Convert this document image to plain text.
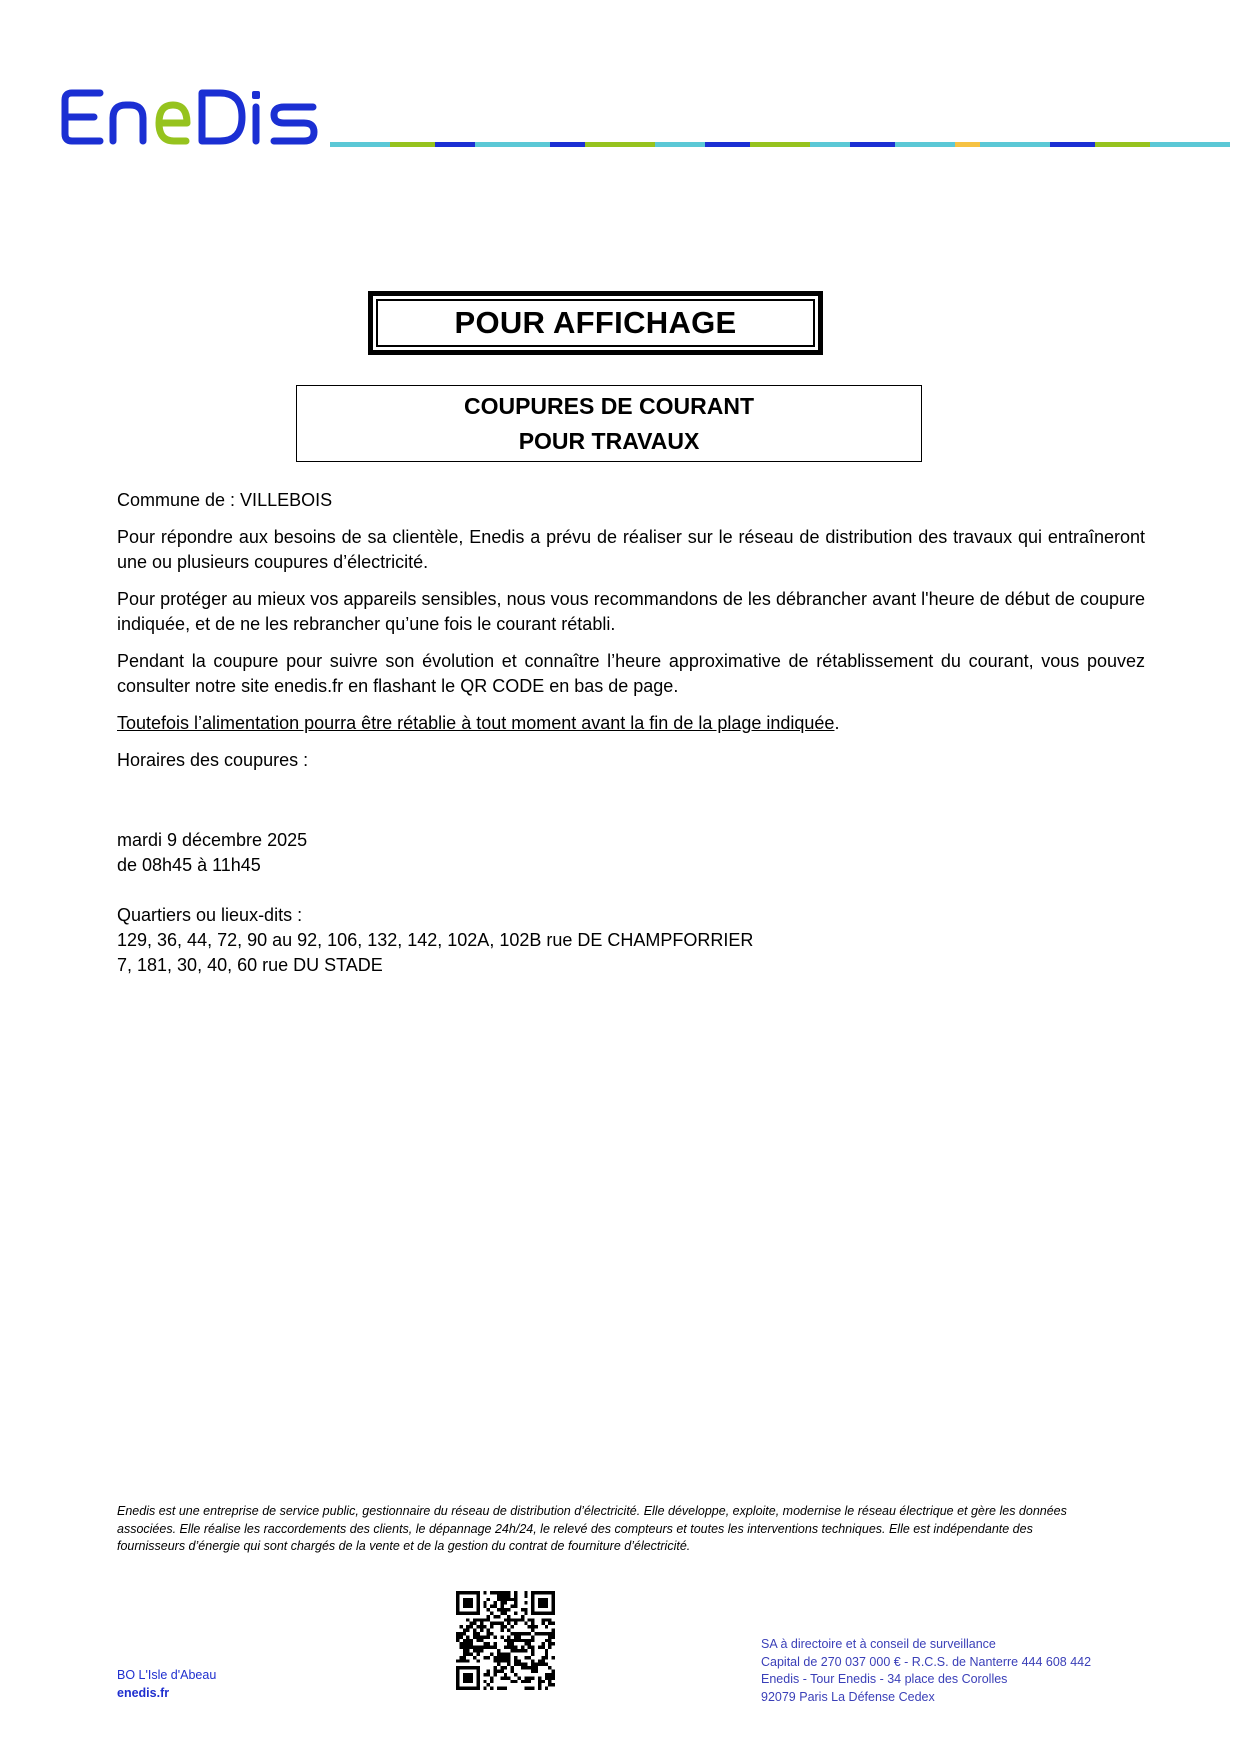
POUR AFFICHAGE
COUPURES DE COURANT
POUR TRAVAUX

Commune de : VILLEBOIS

Pour répondre aux besoins de sa clientèle, Enedis a prévu de réaliser sur le réseau de distribution des travaux qui entraîneront une ou plusieurs coupures d’électricité.

Pour protéger au mieux vos appareils sensibles, nous vous recommandons de les débrancher avant l'heure de début de coupure indiquée, et de ne les rebrancher qu’une fois le courant rétabli.

Pendant la coupure pour suivre son évolution et connaître l’heure approximative de rétablissement du courant, vous pouvez consulter notre site enedis.fr en flashant le QR CODE en bas de page.

Toutefois l’alimentation pourra être rétablie à tout moment avant la fin de la plage indiquée.

Horaires des coupures :

mardi 9 décembre 2025
de 08h45 à 11h45
Quartiers ou lieux-dits :
129, 36, 44, 72, 90 au 92, 106, 132, 142, 102A, 102B rue DE CHAMPFORRIER
7, 181, 30, 40, 60 rue DU STADE
Enedis est une entreprise de service public, gestionnaire du réseau de distribution d’électricité. Elle développe, exploite, modernise le réseau électrique et gère les données
associées. Elle réalise les raccordements des clients, le dépannage 24h/24, le relevé des compteurs et toutes les interventions techniques. Elle est indépendante des
fournisseurs d’énergie qui sont chargés de la vente et de la gestion du contrat de fourniture d’électricité.
BO L'Isle d'Abeau
enedis.fr
SA à directoire et à conseil de surveillance
Capital de 270 037 000 € - R.C.S. de Nanterre 444 608 442
Enedis - Tour Enedis - 34 place des Corolles
92079 Paris La Défense Cedex
